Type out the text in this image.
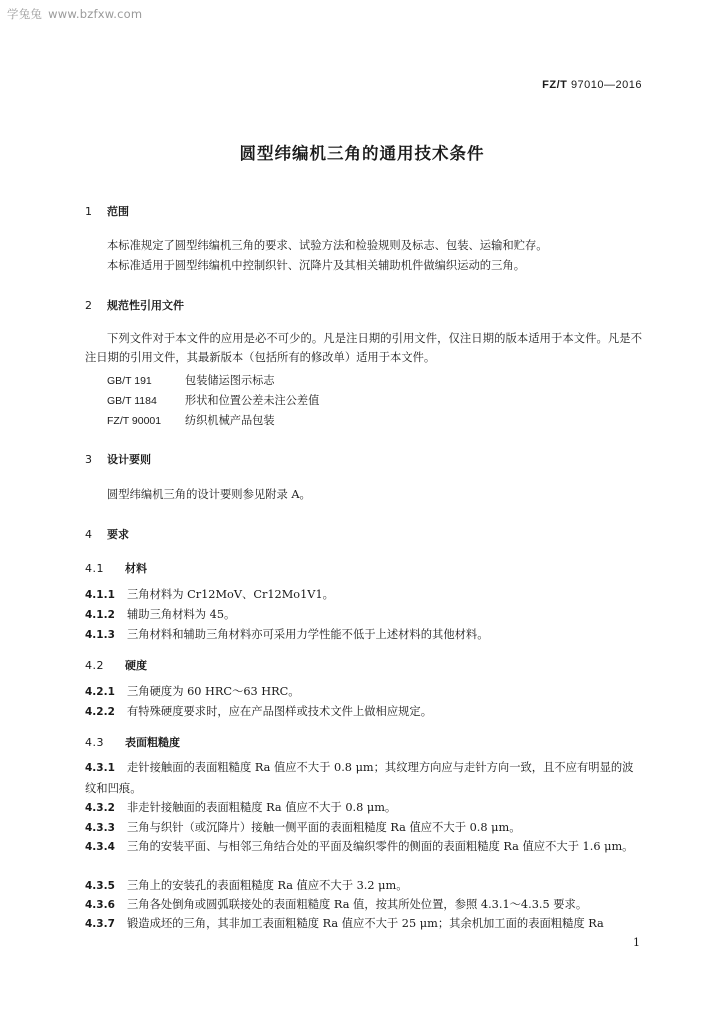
学兔兔 www.bzfxw.com
FZ/T 97010—2016
圆型纬编机三角的通用技术条件
1 范围
本标准规定了圆型纬编机三角的要求、试验方法和检验规则及标志、包装、运输和贮存。
本标准适用于圆型纬编机中控制织针、沉降片及其相关辅助机件做编织运动的三角。
2 规范性引用文件
下列文件对于本文件的应用是必不可少的。凡是注日期的引用文件，仅注日期的版本适用于本文件。凡是不注日期的引用文件，其最新版本（包括所有的修改单）适用于本文件。
GB/T 191	包装储运图示标志
GB/T 1184	形状和位置公差未注公差值
FZ/T 90001 纺织机械产品包装
3 设计要则
圆型纬编机三角的设计要则参见附录 A。
4 要求
4.1 材料
4.1.1 三角材料为 Cr12MoV、Cr12Mo1V1。
4.1.2 辅助三角材料为 45。
4.1.3 三角材料和辅助三角材料亦可采用力学性能不低于上述材料的其他材料。
4.2 硬度
4.2.1 三角硬度为 60 HRC～63 HRC。
4.2.2 有特殊硬度要求时，应在产品图样或技术文件上做相应规定。
4.3 表面粗糙度
4.3.1 走针接触面的表面粗糙度 Ra 值应不大于 0.8 μm；其纹理方向应与走针方向一致，且不应有明显的波纹和凹痕。
4.3.2 非走针接触面的表面粗糙度 Ra 值应不大于 0.8 μm。
4.3.3 三角与织针（或沉降片）接触一侧平面的表面粗糙度 Ra 值应不大于 0.8 μm。
4.3.4 三角的安装平面、与相邻三角结合处的平面及编织零件的侧面的表面粗糙度 Ra 值应不大于 1.6 μm。
4.3.5 三角上的安装孔的表面粗糙度 Ra 值应不大于 3.2 μm。
4.3.6 三角各处倒角或圆弧联接处的表面粗糙度 Ra 值，按其所处位置，参照 4.3.1～4.3.5 要求。
4.3.7 锻造成坯的三角，其非加工表面粗糙度 Ra 值应不大于 25 μm；其余机加工面的表面粗糙度 Ra
1
